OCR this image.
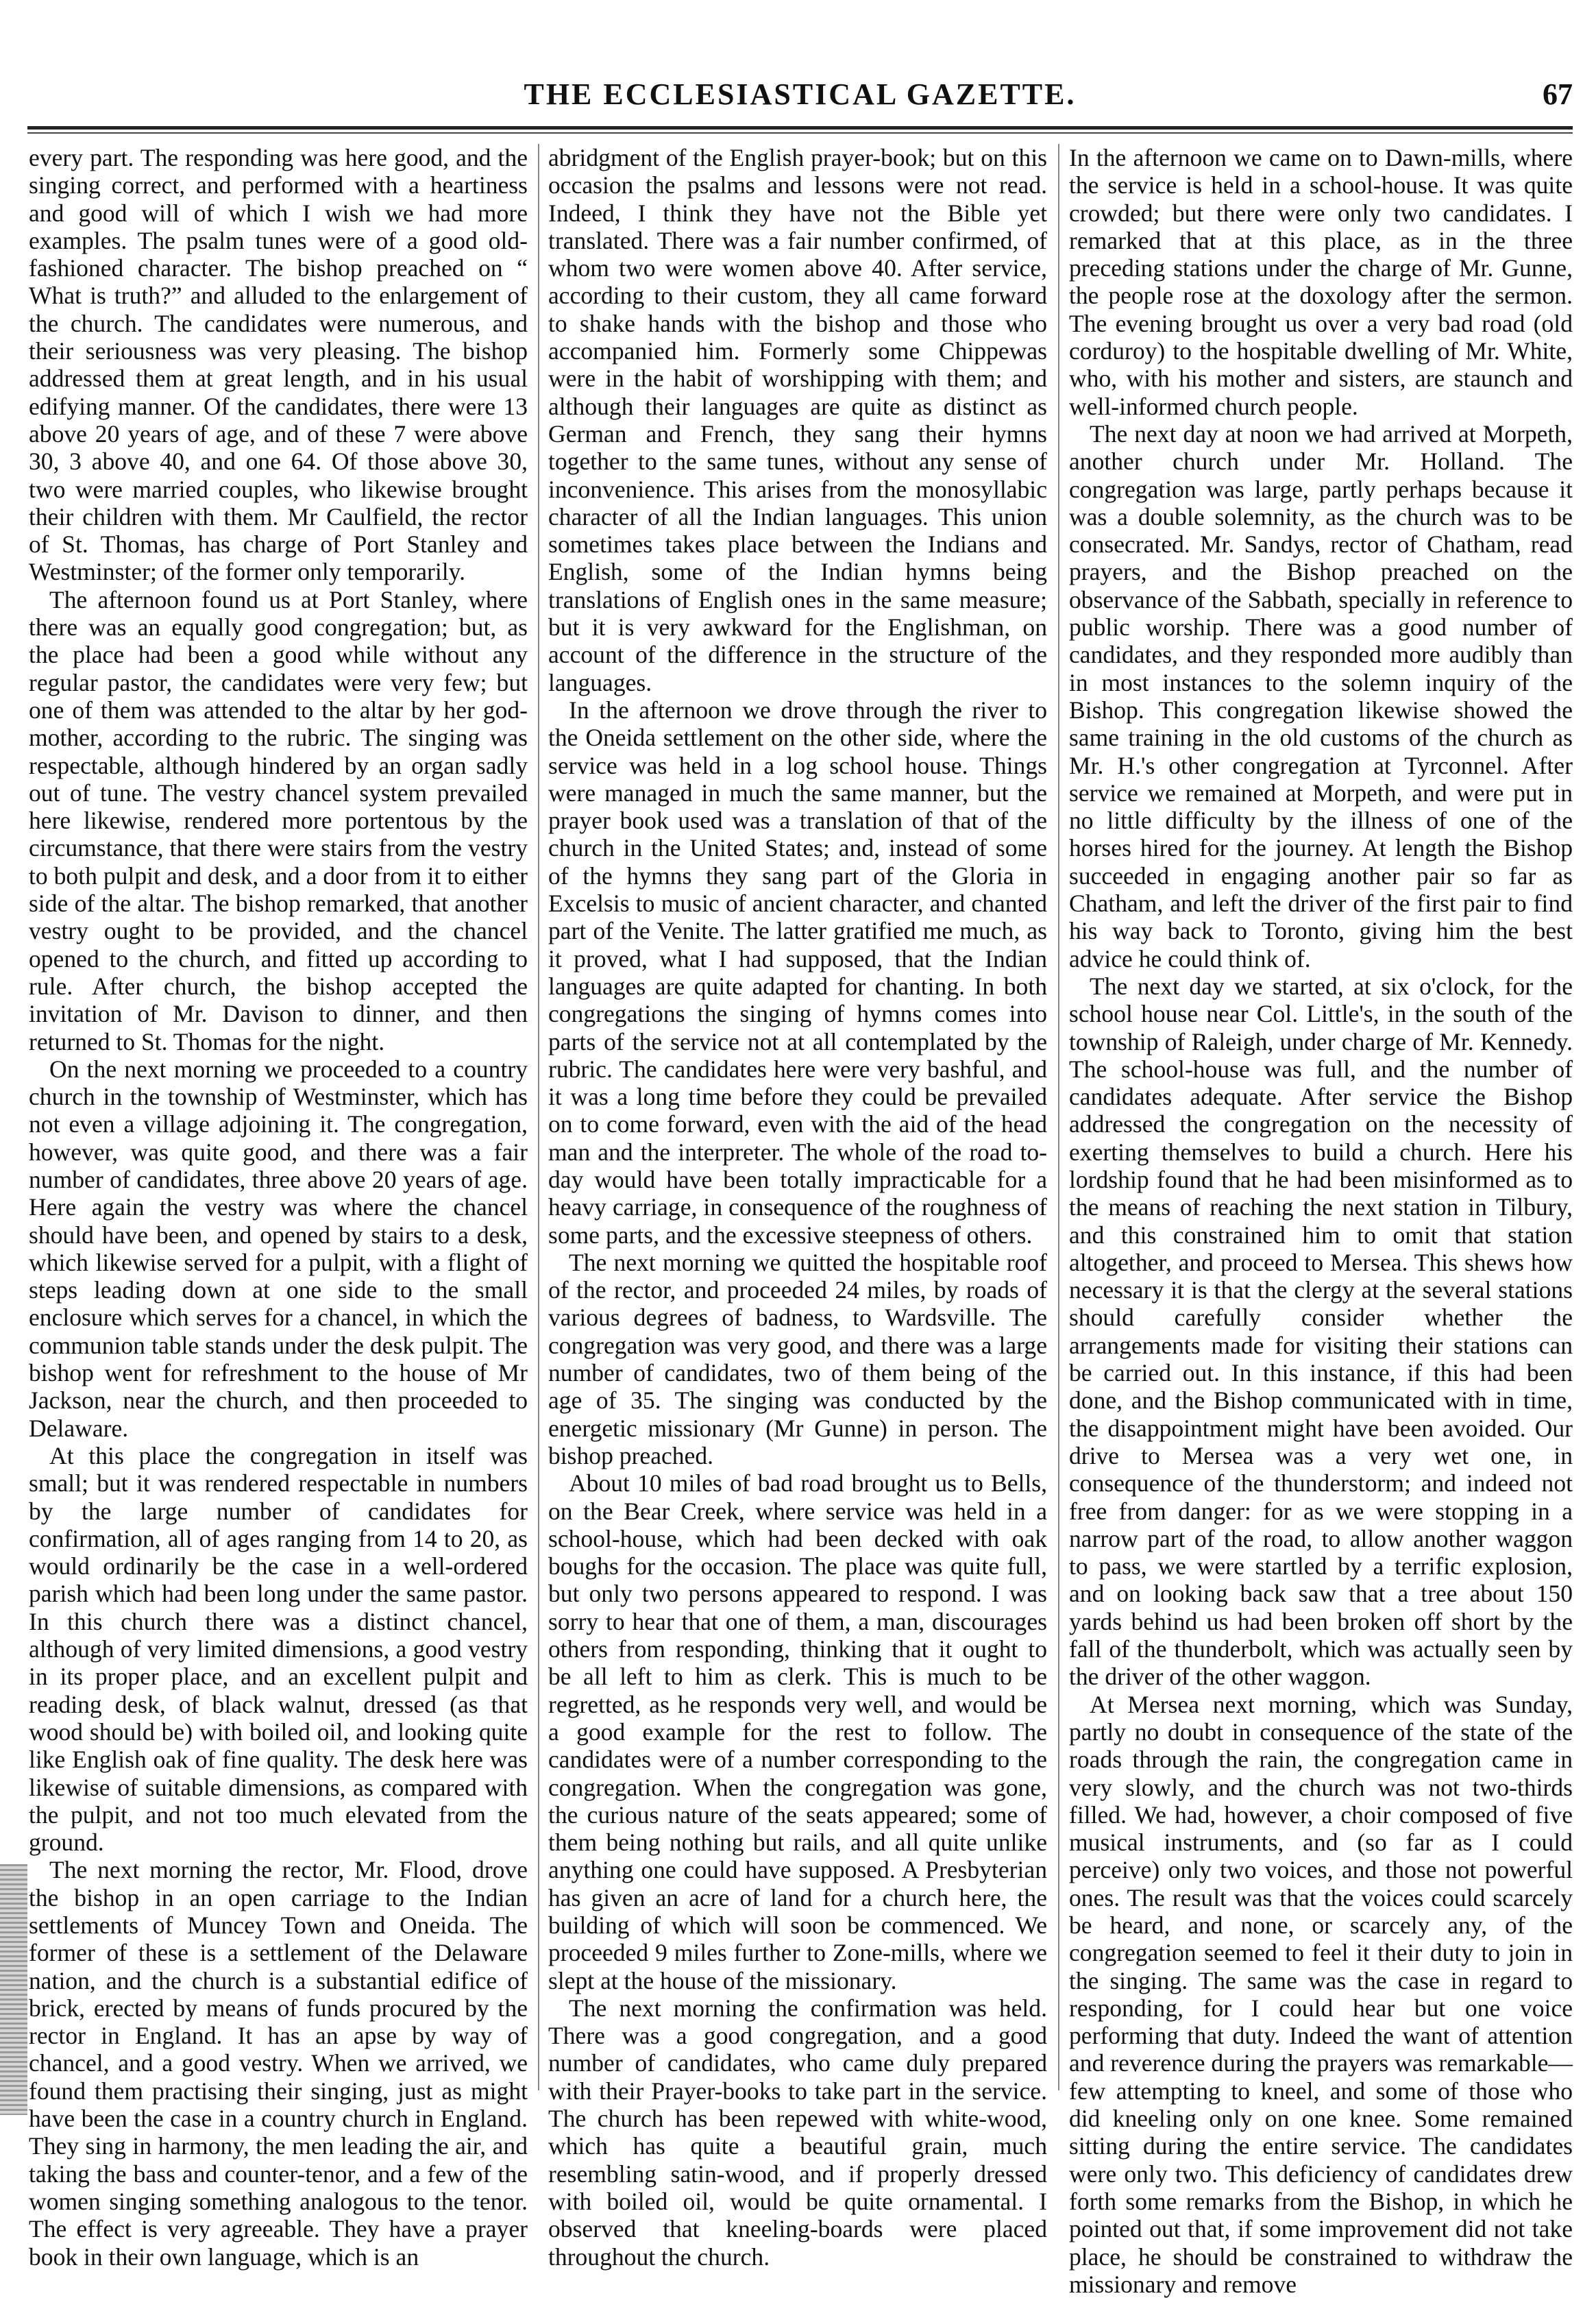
THE ECCLESIASTICAL GAZETTE.	67

every part. The responding was here good, and the singing correct, and performed with a heartiness and good will of which I wish we had more examples. The psalm tunes were of a good old-fashioned character. The bishop preached on “ What is truth?” and alluded to the enlargement of the church. The candidates were numerous, and their seriousness was very pleasing. The bishop addressed them at great length, and in his usual edifying manner. Of the candidates, there were 13 above 20 years of age, and of these 7 were above 30, 3 above 40, and one 64. Of those above 30, two were married couples, who likewise brought their children with them. Mr Caulfield, the rector of St. Thomas, has charge of Port Stanley and Westminster; of the former only temporarily.

The afternoon found us at Port Stanley, where there was an equally good congregation; but, as the place had been a good while without any regular pastor, the candidates were very few; but one of them was attended to the altar by her god-mother, according to the rubric. The singing was respectable, although hindered by an organ sadly out of tune. The vestry chancel system prevailed here likewise, rendered more portentous by the circumstance, that there were stairs from the vestry to both pulpit and desk, and a door from it to either side of the altar. The bishop remarked, that another vestry ought to be provided, and the chancel opened to the church, and fitted up according to rule. After church, the bishop accepted the invitation of Mr. Davison to dinner, and then returned to St. Thomas for the night.

On the next morning we proceeded to a country church in the township of Westminster, which has not even a village adjoining it. The congregation, however, was quite good, and there was a fair number of candidates, three above 20 years of age. Here again the vestry was where the chancel should have been, and opened by stairs to a desk, which likewise served for a pulpit, with a flight of steps leading down at one side to the small enclosure which serves for a chancel, in which the communion table stands under the desk pulpit. The bishop went for refreshment to the house of Mr Jackson, near the church, and then proceeded to Delaware.

At this place the congregation in itself was small; but it was rendered respectable in numbers by the large number of candidates for confirmation, all of ages ranging from 14 to 20, as would ordinarily be the case in a well-ordered parish which had been long under the same pastor. In this church there was a distinct chancel, although of very limited dimensions, a good vestry in its proper place, and an excellent pulpit and reading desk, of black walnut, dressed (as that wood should be) with boiled oil, and looking quite like English oak of fine quality. The desk here was likewise of suitable dimensions, as compared with the pulpit, and not too much elevated from the ground.

The next morning the rector, Mr. Flood, drove the bishop in an open carriage to the Indian settlements of Muncey Town and Oneida. The former of these is a settlement of the Delaware nation, and the church is a substantial edifice of brick, erected by means of funds procured by the rector in England. It has an apse by way of chancel, and a good vestry. When we arrived, we found them practising their singing, just as might have been the case in a country church in England. They sing in harmony, the men leading the air, and taking the bass and counter-tenor, and a few of the women singing something analogous to the tenor. The effect is very agreeable. They have a prayer book in their own language, which is an

abridgment of the English prayer-book; but on this occasion the psalms and lessons were not read. Indeed, I think they have not the Bible yet translated. There was a fair number confirmed, of whom two were women above 40. After service, according to their custom, they all came forward to shake hands with the bishop and those who accompanied him. Formerly some Chippewas were in the habit of worshipping with them; and although their languages are quite as distinct as German and French, they sang their hymns together to the same tunes, without any sense of inconvenience. This arises from the monosyllabic character of all the Indian languages. This union sometimes takes place between the Indians and English, some of the Indian hymns being translations of English ones in the same measure; but it is very awkward for the Englishman, on account of the difference in the structure of the languages.

In the afternoon we drove through the river to the Oneida settlement on the other side, where the service was held in a log school house. Things were managed in much the same manner, but the prayer book used was a translation of that of the church in the United States; and, instead of some of the hymns they sang part of the Gloria in Excelsis to music of ancient character, and chanted part of the Venite. The latter gratified me much, as it proved, what I had supposed, that the Indian languages are quite adapted for chanting. In both congregations the singing of hymns comes into parts of the service not at all contemplated by the rubric. The candidates here were very bashful, and it was a long time before they could be prevailed on to come forward, even with the aid of the head man and the interpreter. The whole of the road to-day would have been totally impracticable for a heavy carriage, in consequence of the roughness of some parts, and the excessive steepness of others.

The next morning we quitted the hospitable roof of the rector, and proceeded 24 miles, by roads of various degrees of badness, to Wardsville. The congregation was very good, and there was a large number of candidates, two of them being of the age of 35. The singing was conducted by the energetic missionary (Mr Gunne) in person. The bishop preached.

About 10 miles of bad road brought us to Bells, on the Bear Creek, where service was held in a school-house, which had been decked with oak boughs for the occasion. The place was quite full, but only two persons appeared to respond. I was sorry to hear that one of them, a man, discourages others from responding, thinking that it ought to be all left to him as clerk. This is much to be regretted, as he responds very well, and would be a good example for the rest to follow. The candidates were of a number corresponding to the congregation. When the congregation was gone, the curious nature of the seats appeared; some of them being nothing but rails, and all quite unlike anything one could have supposed. A Presbyterian has given an acre of land for a church here, the building of which will soon be commenced. We proceeded 9 miles further to Zone-mills, where we slept at the house of the missionary.

The next morning the confirmation was held. There was a good congregation, and a good number of candidates, who came duly prepared with their Prayer-books to take part in the service. The church has been repewed with white-wood, which has quite a beautiful grain, much resembling satin-wood, and if properly dressed with boiled oil, would be quite ornamental. I observed that kneeling-boards were placed throughout the church.

In the afternoon we came on to Dawn-mills, where the service is held in a school-house. It was quite crowded; but there were only two candidates. I remarked that at this place, as in the three preceding stations under the charge of Mr. Gunne, the people rose at the doxology after the sermon. The evening brought us over a very bad road (old corduroy) to the hospitable dwelling of Mr. White, who, with his mother and sisters, are staunch and well-informed church people.

The next day at noon we had arrived at Morpeth, another church under Mr. Holland. The congregation was large, partly perhaps because it was a double solemnity, as the church was to be consecrated. Mr. Sandys, rector of Chatham, read prayers, and the Bishop preached on the observance of the Sabbath, specially in reference to public worship. There was a good number of candidates, and they responded more audibly than in most instances to the solemn inquiry of the Bishop. This congregation likewise showed the same training in the old customs of the church as Mr. H.'s other congregation at Tyrconnel. After service we remained at Morpeth, and were put in no little difficulty by the illness of one of the horses hired for the journey. At length the Bishop succeeded in engaging another pair so far as Chatham, and left the driver of the first pair to find his way back to Toronto, giving him the best advice he could think of.

The next day we started, at six o'clock, for the school house near Col. Little's, in the south of the township of Raleigh, under charge of Mr. Kennedy. The school-house was full, and the number of candidates adequate. After service the Bishop addressed the congregation on the necessity of exerting themselves to build a church. Here his lordship found that he had been misinformed as to the means of reaching the next station in Tilbury, and this constrained him to omit that station altogether, and proceed to Mersea. This shews how necessary it is that the clergy at the several stations should carefully consider whether the arrangements made for visiting their stations can be carried out. In this instance, if this had been done, and the Bishop communicated with in time, the disappointment might have been avoided. Our drive to Mersea was a very wet one, in consequence of the thunderstorm; and indeed not free from danger: for as we were stopping in a narrow part of the road, to allow another waggon to pass, we were startled by a terrific explosion, and on looking back saw that a tree about 150 yards behind us had been broken off short by the fall of the thunderbolt, which was actually seen by the driver of the other waggon.

At Mersea next morning, which was Sunday, partly no doubt in consequence of the state of the roads through the rain, the congregation came in very slowly, and the church was not two-thirds filled. We had, however, a choir composed of five musical instruments, and (so far as I could perceive) only two voices, and those not powerful ones. The result was that the voices could scarcely be heard, and none, or scarcely any, of the congregation seemed to feel it their duty to join in the singing. The same was the case in regard to responding, for I could hear but one voice performing that duty. Indeed the want of attention and reverence during the prayers was remarkable—few attempting to kneel, and some of those who did kneeling only on one knee. Some remained sitting during the entire service. The candidates were only two. This deficiency of candidates drew forth some remarks from the Bishop, in which he pointed out that, if some improvement did not take place, he should be constrained to withdraw the missionary and remove
